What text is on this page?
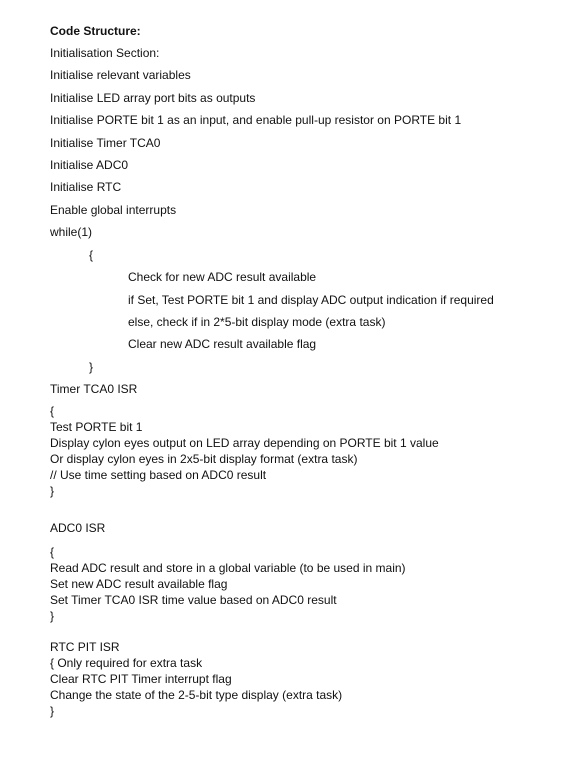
Code Structure:
Initialisation Section:
Initialise relevant variables
Initialise LED array port bits as outputs
Initialise PORTE bit 1 as an input, and enable pull-up resistor on PORTE bit 1
Initialise Timer TCA0
Initialise ADC0
Initialise RTC
Enable global interrupts
while(1)
{
Check for new ADC result available
if Set, Test PORTE bit 1 and display ADC output indication if required
else, check if in 2*5-bit display mode (extra task)
Clear new ADC result available flag
}
Timer TCA0 ISR
{
Test PORTE bit 1
Display cylon eyes output on LED array depending on PORTE bit 1 value
Or display cylon eyes in 2x5-bit display format (extra task)
// Use time setting based on ADC0 result
}
ADC0 ISR
{
Read ADC result and store in a global variable (to be used in main)
Set new ADC result available flag
Set Timer TCA0 ISR time value based on ADC0 result
}
RTC PIT ISR
{ Only required for extra task
Clear RTC PIT Timer interrupt flag
Change the state of the 2-5-bit type display (extra task)
}
